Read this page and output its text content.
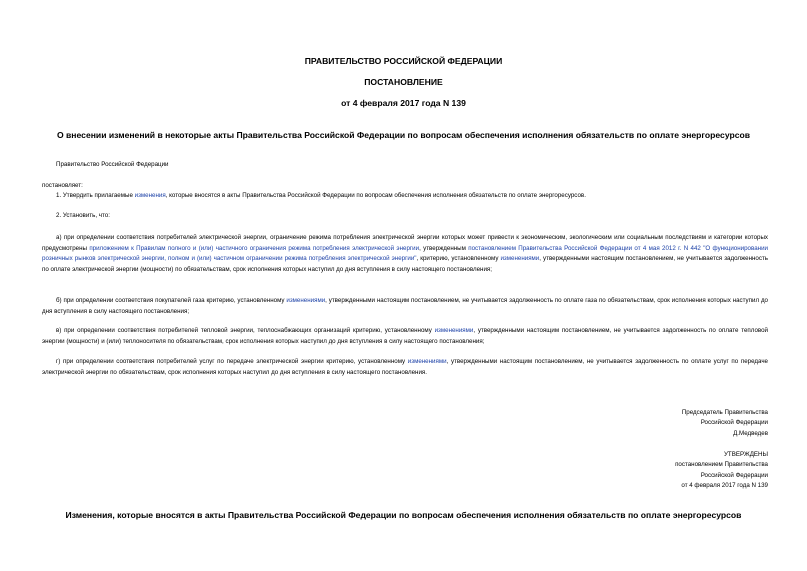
ПРАВИТЕЛЬСТВО РОССИЙСКОЙ ФЕДЕРАЦИИ
ПОСТАНОВЛЕНИЕ
от 4 февраля 2017 года N 139
О внесении изменений в некоторые акты Правительства Российской Федерации по вопросам обеспечения исполнения обязательств по оплате энергоресурсов
Правительство Российской Федерации
постановляет:
1. Утвердить прилагаемые изменения, которые вносятся в акты Правительства Российской Федерации по вопросам обеспечения исполнения обязательств по оплате энергоресурсов.
2. Установить, что:
а) при определении соответствия потребителей электрической энергии, ограничение режима потребления электрической энергии которых может привести к экономическим, экологическим или социальным последствиям и категории которых предусмотрены приложением к Правилам полного и (или) частичного ограничения режима потребления электрической энергии, утвержденным постановлением Правительства Российской Федерации от 4 мая 2012 г. N 442 "О функционировании розничных рынков электрической энергии, полном и (или) частичном ограничении режима потребления электрической энергии", критерию, установленному изменениями, утвержденными настоящим постановлением, не учитывается задолженность по оплате электрической энергии (мощности) по обязательствам, срок исполнения которых наступил до дня вступления в силу настоящего постановления;
б) при определении соответствия покупателей газа критерию, установленному изменениями, утвержденными настоящим постановлением, не учитывается задолженность по оплате газа по обязательствам, срок исполнения которых наступил до дня вступления в силу настоящего постановления;
в) при определении соответствия потребителей тепловой энергии, теплоснабжающих организаций критерию, установленному изменениями, утвержденными настоящим постановлением, не учитывается задолженность по оплате тепловой энергии (мощности) и (или) теплоносителя по обязательствам, срок исполнения которых наступил до дня вступления в силу настоящего постановления;
г) при определении соответствия потребителей услуг по передаче электрической энергии критерию, установленному изменениями, утвержденными настоящим постановлением, не учитывается задолженность по оплате услуг по передаче электрической энергии по обязательствам, срок исполнения которых наступил до дня вступления в силу настоящего постановления.
Председатель Правительства
Российской Федерации
Д.Медведев
УТВЕРЖДЕНЫ
постановлением Правительства
Российской Федерации
от 4 февраля 2017 года N 139
Изменения, которые вносятся в акты Правительства Российской Федерации по вопросам обеспечения исполнения обязательств по оплате энергоресурсов
